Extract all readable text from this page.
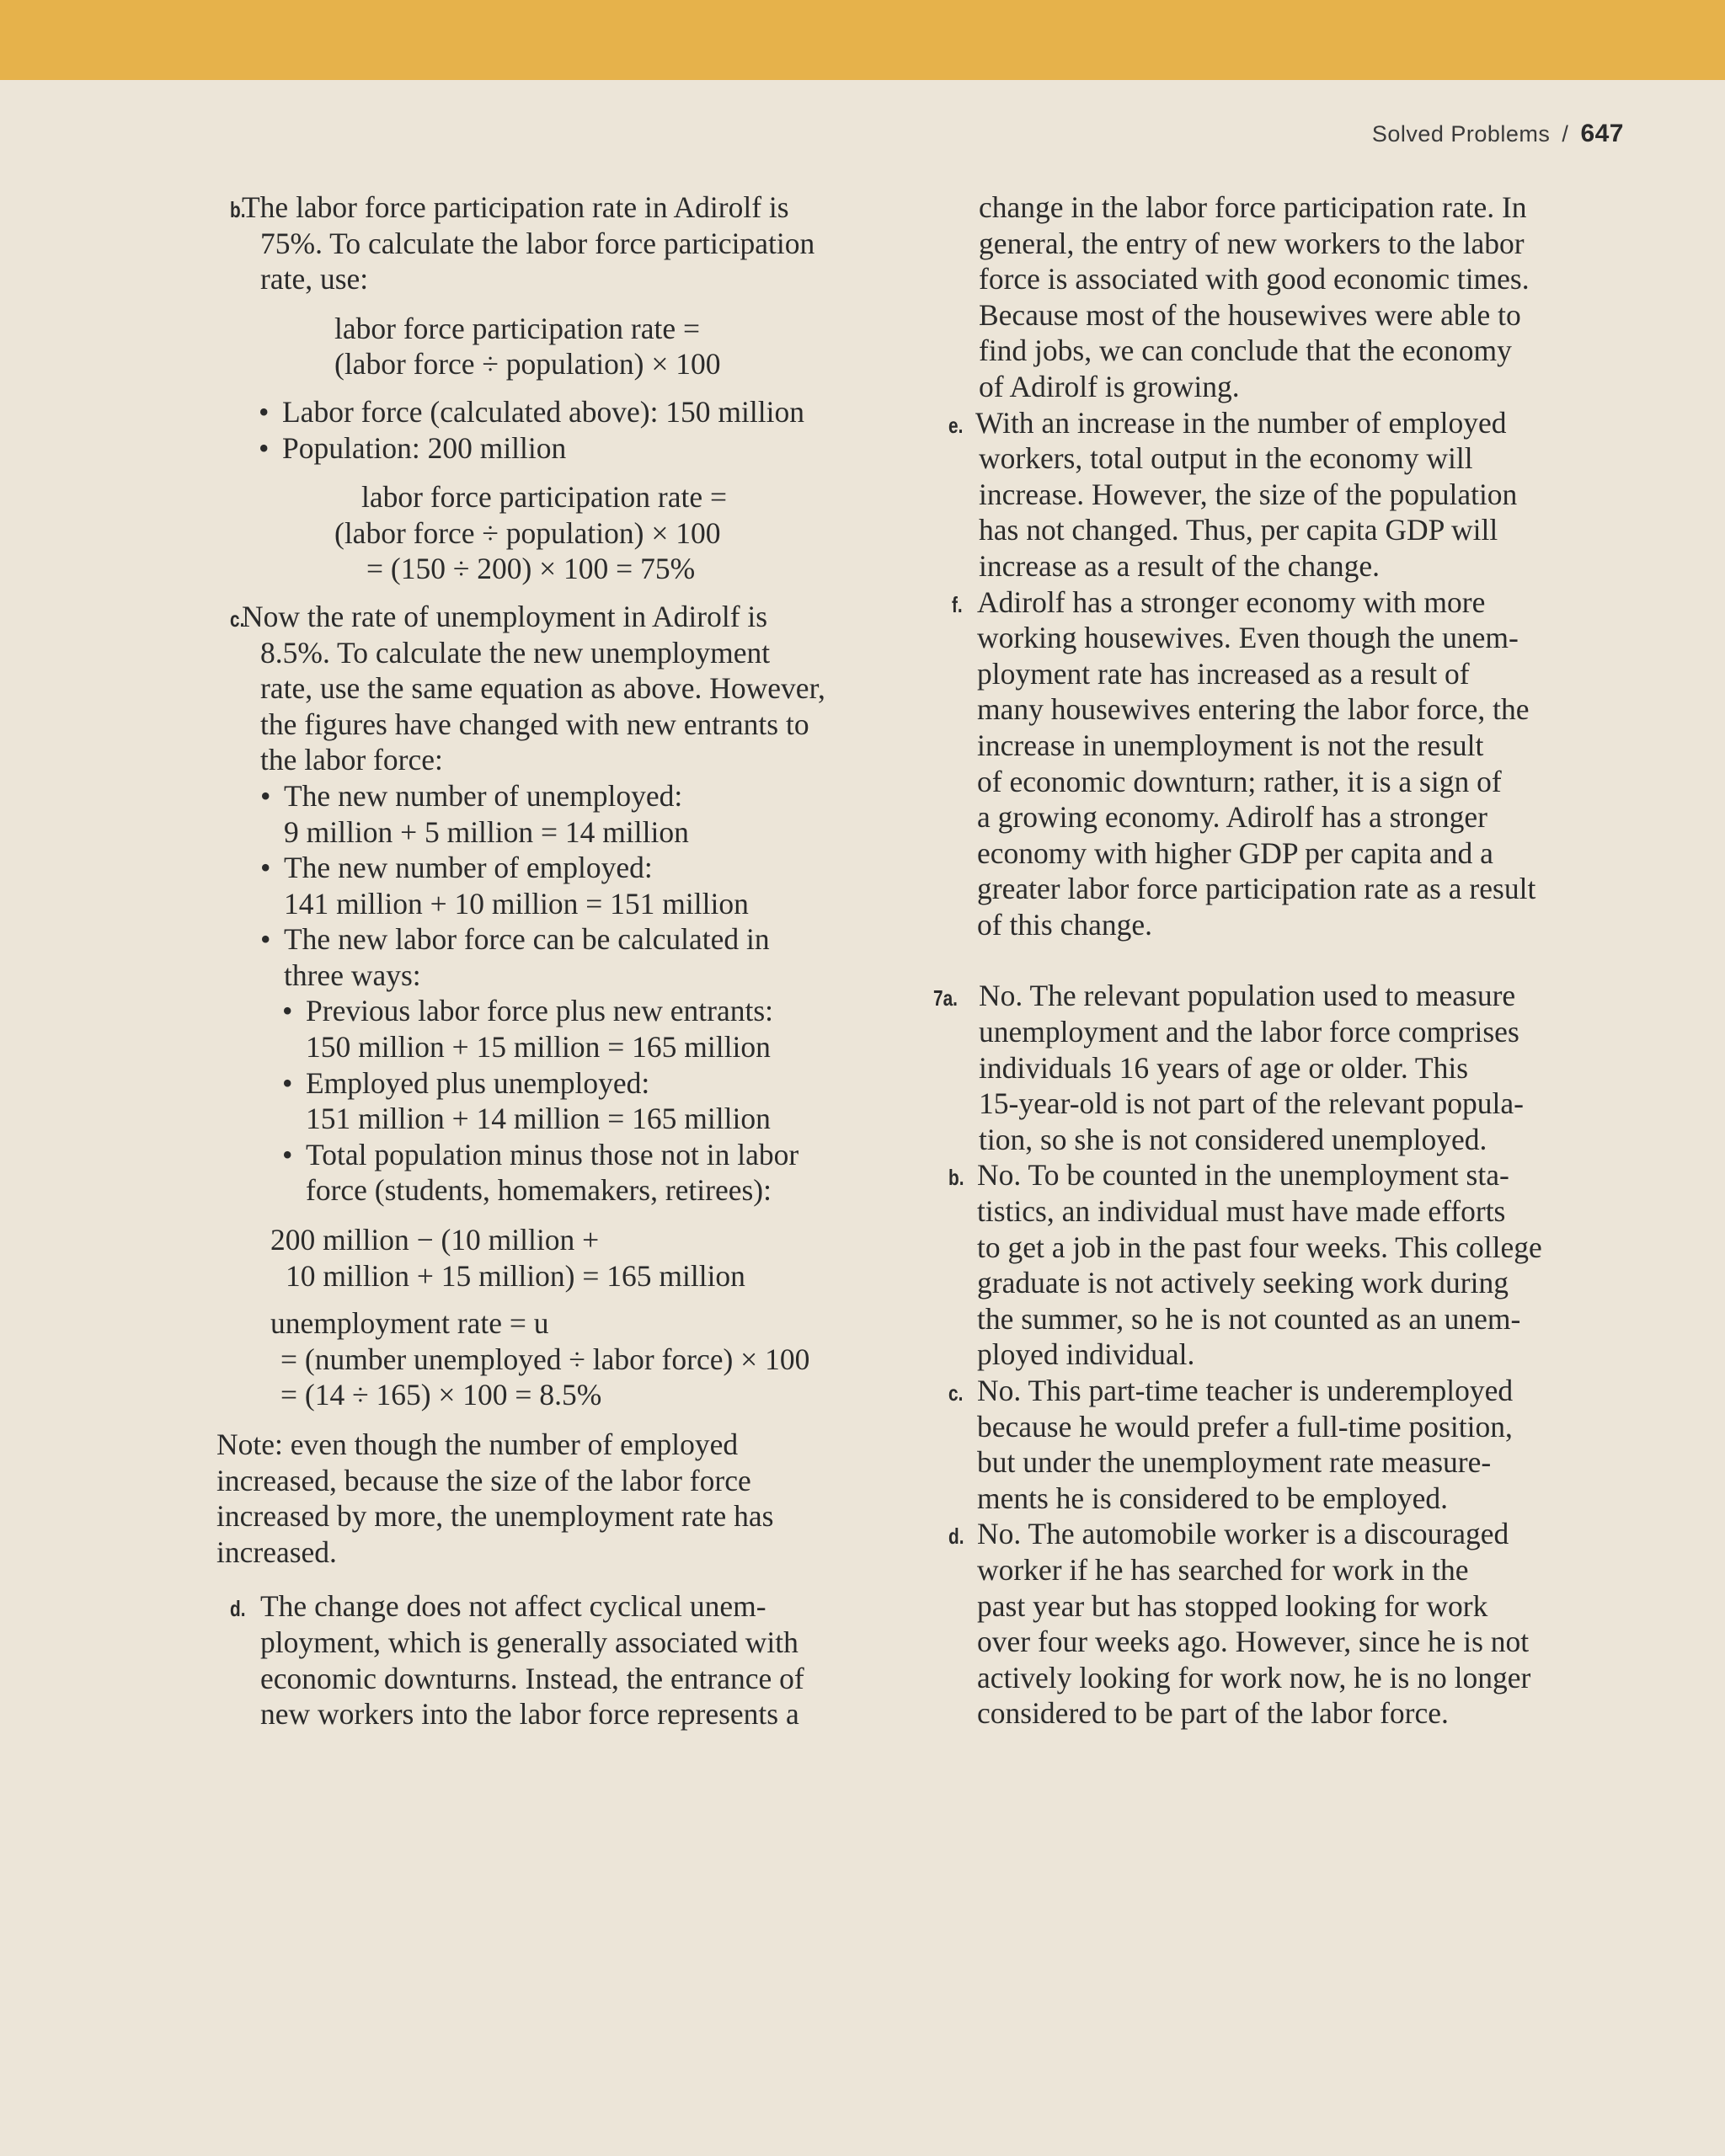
Solved Problems / 647
b.
The labor force participation rate in Adirolf is
75%. To calculate the labor force participation
rate, use:
labor force participation rate =
(labor force ÷ population) × 100
• Labor force (calculated above): 150 million
• Population: 200 million
labor force participation rate =
(labor force ÷ population) × 100
= (150 ÷ 200) × 100 = 75%
c.
Now the rate of unemployment in Adirolf is
8.5%. To calculate the new unemployment
rate, use the same equation as above. However,
the figures have changed with new entrants to
the labor force:
• The new number of unemployed:
9 million + 5 million = 14 million
• The new number of employed:
141 million + 10 million = 151 million
• The new labor force can be calculated in
three ways:
• Previous labor force plus new entrants:
150 million + 15 million = 165 million
• Employed plus unemployed:
151 million + 14 million = 165 million
• Total population minus those not in labor
force (students, homemakers, retirees):
200 million − (10 million +
10 million + 15 million) = 165 million
unemployment rate = u
= (number unemployed ÷ labor force) × 100
= (14 ÷ 165) × 100 = 8.5%
Note: even though the number of employed
increased, because the size of the labor force
increased by more, the unemployment rate has
increased.
d. The change does not affect cyclical unem-
ployment, which is generally associated with
economic downturns. Instead, the entrance of
new workers into the labor force represents a
change in the labor force participation rate. In
general, the entry of new workers to the labor
force is associated with good economic times.
Because most of the housewives were able to
find jobs, we can conclude that the economy
of Adirolf is growing.
e. With an increase in the number of employed
workers, total output in the economy will
increase. However, the size of the population
has not changed. Thus, per capita GDP will
increase as a result of the change.
f. Adirolf has a stronger economy with more
working housewives. Even though the unem-
ployment rate has increased as a result of
many housewives entering the labor force, the
increase in unemployment is not the result
of economic downturn; rather, it is a sign of
a growing economy. Adirolf has a stronger
economy with higher GDP per capita and a
greater labor force participation rate as a result
of this change.
7a. No. The relevant population used to measure
unemployment and the labor force comprises
individuals 16 years of age or older. This
15-year-old is not part of the relevant popula-
tion, so she is not considered unemployed.
b. No. To be counted in the unemployment sta-
tistics, an individual must have made efforts
to get a job in the past four weeks. This college
graduate is not actively seeking work during
the summer, so he is not counted as an unem-
ployed individual.
c. No. This part-time teacher is underemployed
because he would prefer a full-time position,
but under the unemployment rate measure-
ments he is considered to be employed.
d. No. The automobile worker is a discouraged
worker if he has searched for work in the
past year but has stopped looking for work
over four weeks ago. However, since he is not
actively looking for work now, he is no longer
considered to be part of the labor force.
